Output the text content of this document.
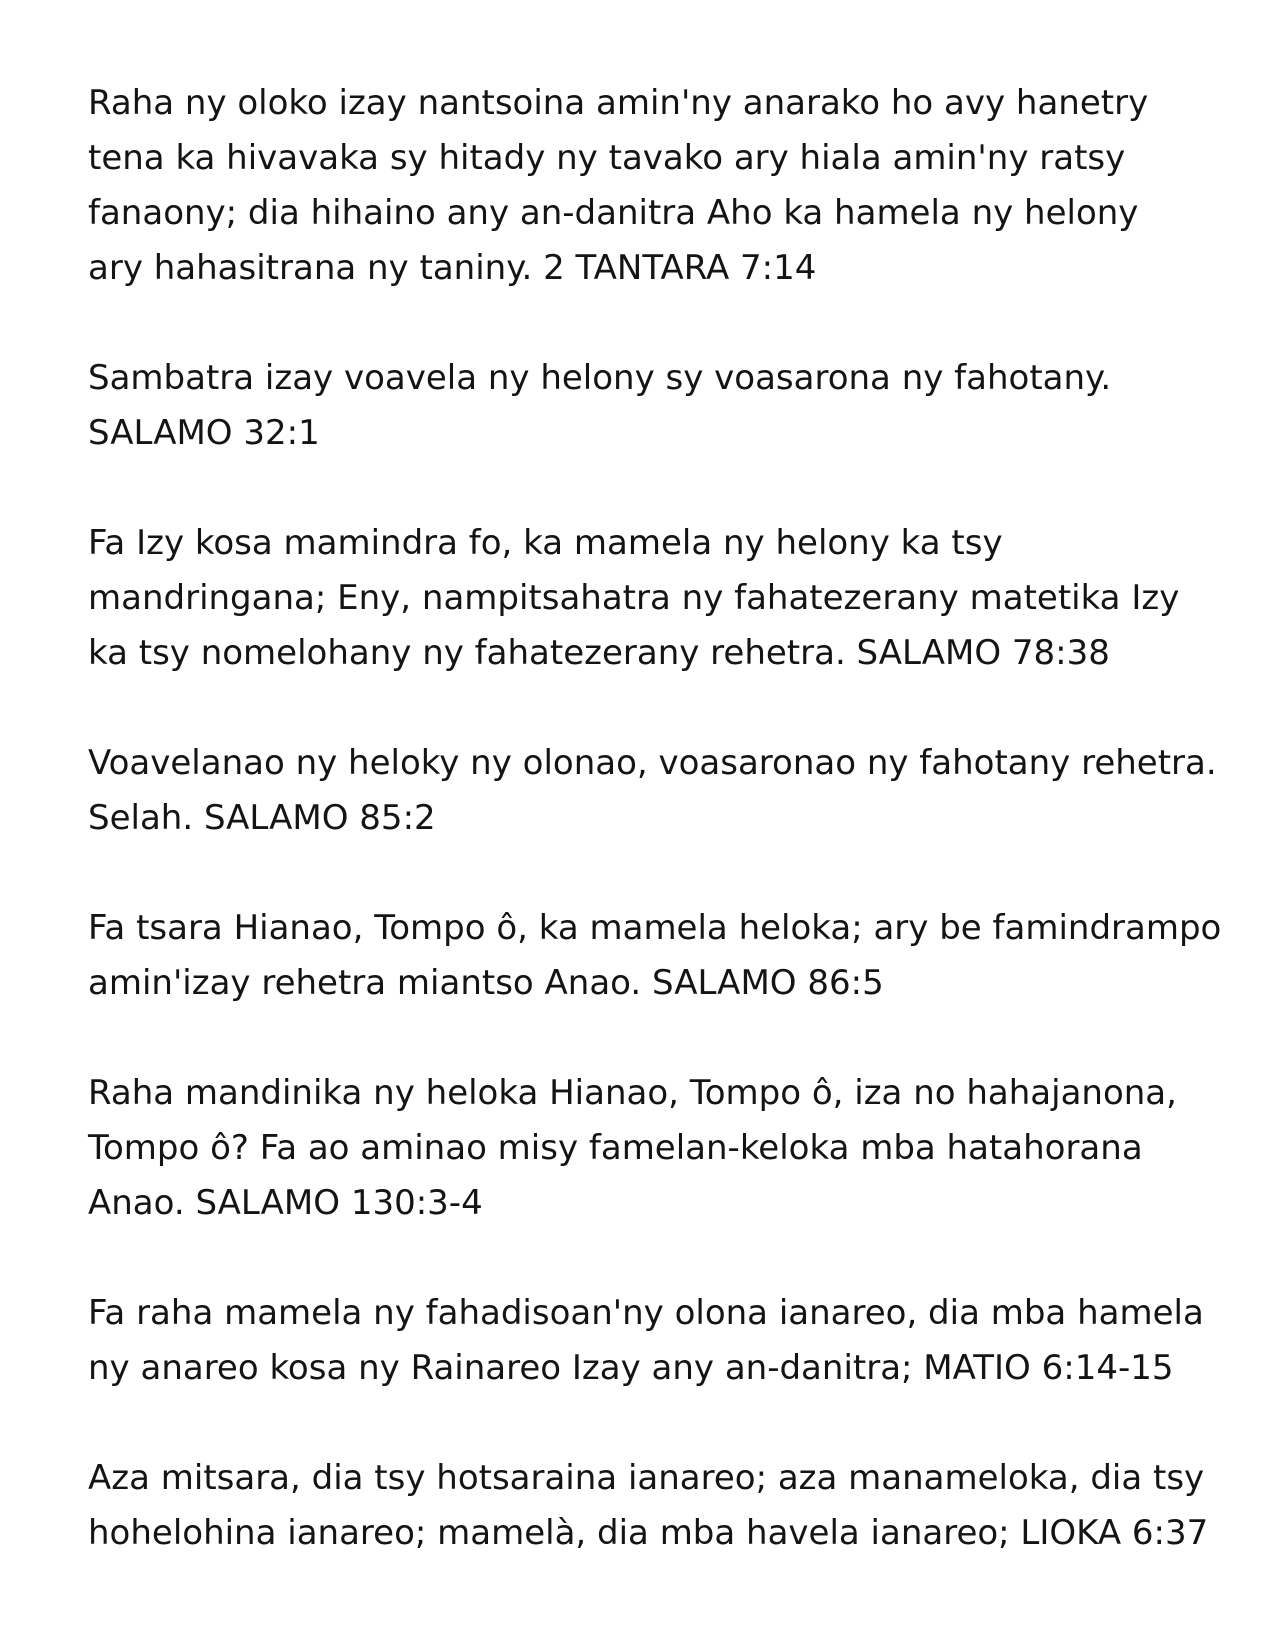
Raha ny oloko izay nantsoina amin'ny anarako ho avy hanetry
tena ka hivavaka sy hitady ny tavako ary hiala amin'ny ratsy
fanaony; dia hihaino any an-danitra Aho ka hamela ny helony
ary hahasitrana ny taniny. 2 TANTARA 7:14
Sambatra izay voavela ny helony sy voasarona ny fahotany.
SALAMO 32:1
Fa Izy kosa mamindra fo, ka mamela ny helony ka tsy
mandringana; Eny, nampitsahatra ny fahatezerany matetika Izy
ka tsy nomelohany ny fahatezerany rehetra. SALAMO 78:38
Voavelanao ny heloky ny olonao, voasaronao ny fahotany rehetra.
Selah. SALAMO 85:2
Fa tsara Hianao, Tompo ô, ka mamela heloka; ary be famindrampo
amin'izay rehetra miantso Anao. SALAMO 86:5
Raha mandinika ny heloka Hianao, Tompo ô, iza no hahajanona,
Tompo ô? Fa ao aminao misy famelan-keloka mba hatahorana
Anao. SALAMO 130:3-4
Fa raha mamela ny fahadisoan'ny olona ianareo, dia mba hamela
ny anareo kosa ny Rainareo Izay any an-danitra; MATIO 6:14-15
Aza mitsara, dia tsy hotsaraina ianareo; aza manameloka, dia tsy
hohelohina ianareo; mamelà, dia mba havela ianareo; LIOKA 6:37
